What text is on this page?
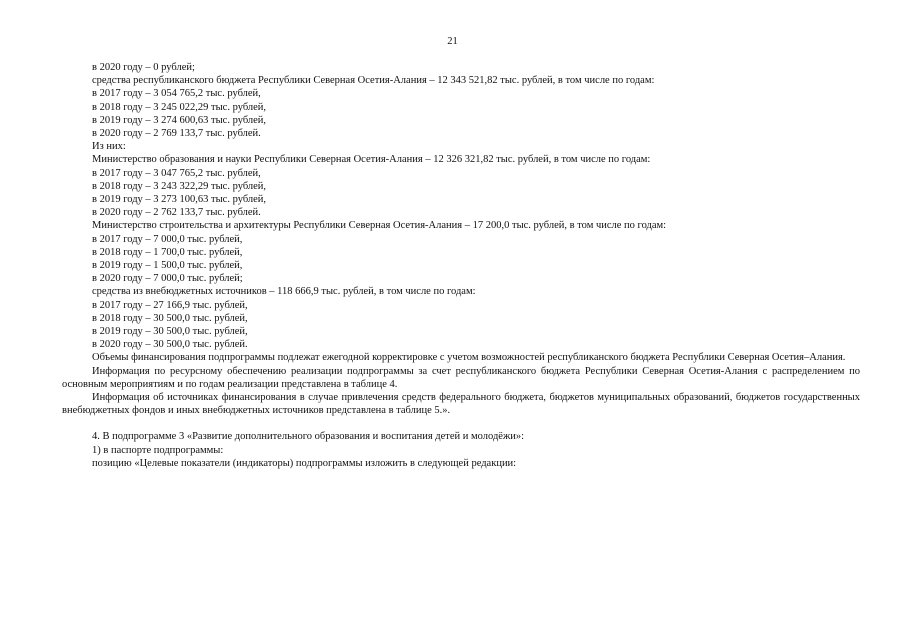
21
в 2020 году – 0 рублей;
средства республиканского бюджета Республики Северная Осетия-Алания – 12 343 521,82 тыс. рублей, в том числе по годам:
в 2017 году – 3 054 765,2 тыс. рублей,
в 2018 году – 3 245 022,29 тыс. рублей,
в 2019 году – 3 274 600,63 тыс. рублей,
в 2020 году – 2 769 133,7 тыс. рублей.
Из них:
Министерство образования и науки Республики Северная Осетия-Алания – 12 326 321,82 тыс. рублей, в том числе по годам:
в 2017 году – 3 047 765,2 тыс. рублей,
в 2018 году – 3 243 322,29 тыс. рублей,
в 2019 году – 3 273 100,63 тыс. рублей,
в 2020 году – 2 762 133,7 тыс. рублей.
Министерство строительства и архитектуры Республики Северная Осетия-Алания – 17 200,0 тыс. рублей, в том числе по годам:
в 2017 году – 7 000,0 тыс. рублей,
в 2018 году – 1 700,0 тыс. рублей,
в 2019 году – 1 500,0 тыс. рублей,
в 2020 году – 7 000,0 тыс. рублей;
средства из внебюджетных источников – 118 666,9 тыс. рублей, в том числе по годам:
в 2017 году – 27 166,9 тыс. рублей,
в 2018 году – 30 500,0 тыс. рублей,
в 2019 году – 30 500,0 тыс. рублей,
в 2020 году – 30 500,0 тыс. рублей.
Объемы финансирования подпрограммы подлежат ежегодной корректировке с учетом возможностей республиканского бюджета Республики Северная Осетия–Алания.
Информация по ресурсному обеспечению реализации подпрограммы за счет республиканского бюджета Республики Северная Осетия-Алания с распределением по основным мероприятиям и по годам реализации представлена в таблице 4.
Информация об источниках финансирования в случае привлечения средств федерального бюджета, бюджетов муниципальных образований, бюджетов государственных внебюджетных фондов и иных внебюджетных источников представлена в таблице 5.».
4. В подпрограмме 3 «Развитие дополнительного образования и воспитания детей и молодёжи»:
1) в паспорте подпрограммы:
позицию «Целевые показатели (индикаторы) подпрограммы изложить в следующей редакции:
